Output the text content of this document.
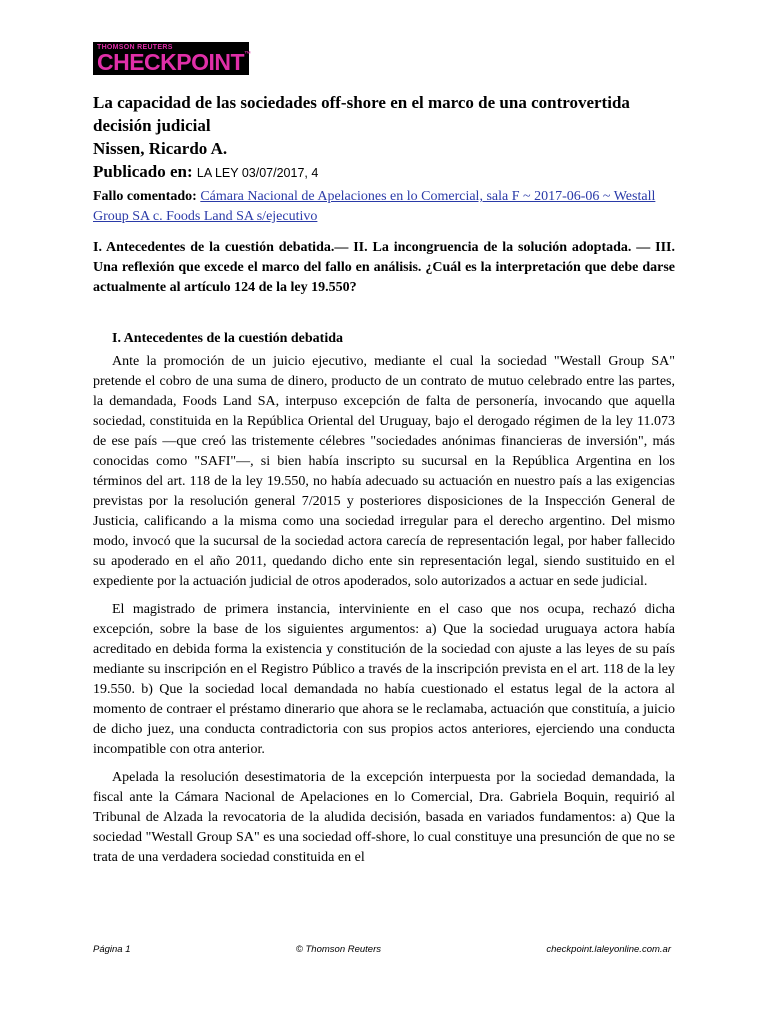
THOMSON REUTERS
CHECKPOINT™
La capacidad de las sociedades off-shore en el marco de una controvertida decisión judicial
Nissen, Ricardo A.
Publicado en: LA LEY 03/07/2017, 4
Fallo comentado: Cámara Nacional de Apelaciones en lo Comercial, sala F ~ 2017-06-06 ~ Westall Group SA c. Foods Land SA s/ejecutivo
I. Antecedentes de la cuestión debatida.— II. La incongruencia de la solución adoptada. — III. Una reflexión que excede el marco del fallo en análisis. ¿Cuál es la interpretación que debe darse actualmente al artículo 124 de la ley 19.550?
I. Antecedentes de la cuestión debatida

Ante la promoción de un juicio ejecutivo, mediante el cual la sociedad "Westall Group SA" pretende el cobro de una suma de dinero, producto de un contrato de mutuo celebrado entre las partes, la demandada, Foods Land SA, interpuso excepción de falta de personería, invocando que aquella sociedad, constituida en la República Oriental del Uruguay, bajo el derogado régimen de la ley 11.073 de ese país —que creó las tristemente célebres "sociedades anónimas financieras de inversión", más conocidas como "SAFI"—, si bien había inscripto su sucursal en la República Argentina en los términos del art. 118 de la ley 19.550, no había adecuado su actuación en nuestro país a las exigencias previstas por la resolución general 7/2015 y posteriores disposiciones de la Inspección General de Justicia, calificando a la misma como una sociedad irregular para el derecho argentino. Del mismo modo, invocó que la sucursal de la sociedad actora carecía de representación legal, por haber fallecido su apoderado en el año 2011, quedando dicho ente sin representación legal, siendo sustituido en el expediente por la actuación judicial de otros apoderados, solo autorizados a actuar en sede judicial.

El magistrado de primera instancia, interviniente en el caso que nos ocupa, rechazó dicha excepción, sobre la base de los siguientes argumentos: a) Que la sociedad uruguaya actora había acreditado en debida forma la existencia y constitución de la sociedad con ajuste a las leyes de su país mediante su inscripción en el Registro Público a través de la inscripción prevista en el art. 118 de la ley 19.550. b) Que la sociedad local demandada no había cuestionado el estatus legal de la actora al momento de contraer el préstamo dinerario que ahora se le reclamaba, actuación que constituía, a juicio de dicho juez, una conducta contradictoria con sus propios actos anteriores, ejerciendo una conducta incompatible con otra anterior.

Apelada la resolución desestimatoria de la excepción interpuesta por la sociedad demandada, la fiscal ante la Cámara Nacional de Apelaciones en lo Comercial, Dra. Gabriela Boquin, requirió al Tribunal de Alzada la revocatoria de la aludida decisión, basada en variados fundamentos: a) Que la sociedad "Westall Group SA" es una sociedad off-shore, lo cual constituye una presunción de que no se trata de una verdadera sociedad constituida en el

Página 1	© Thomson Reuters	checkpoint.laleyonline.com.ar
